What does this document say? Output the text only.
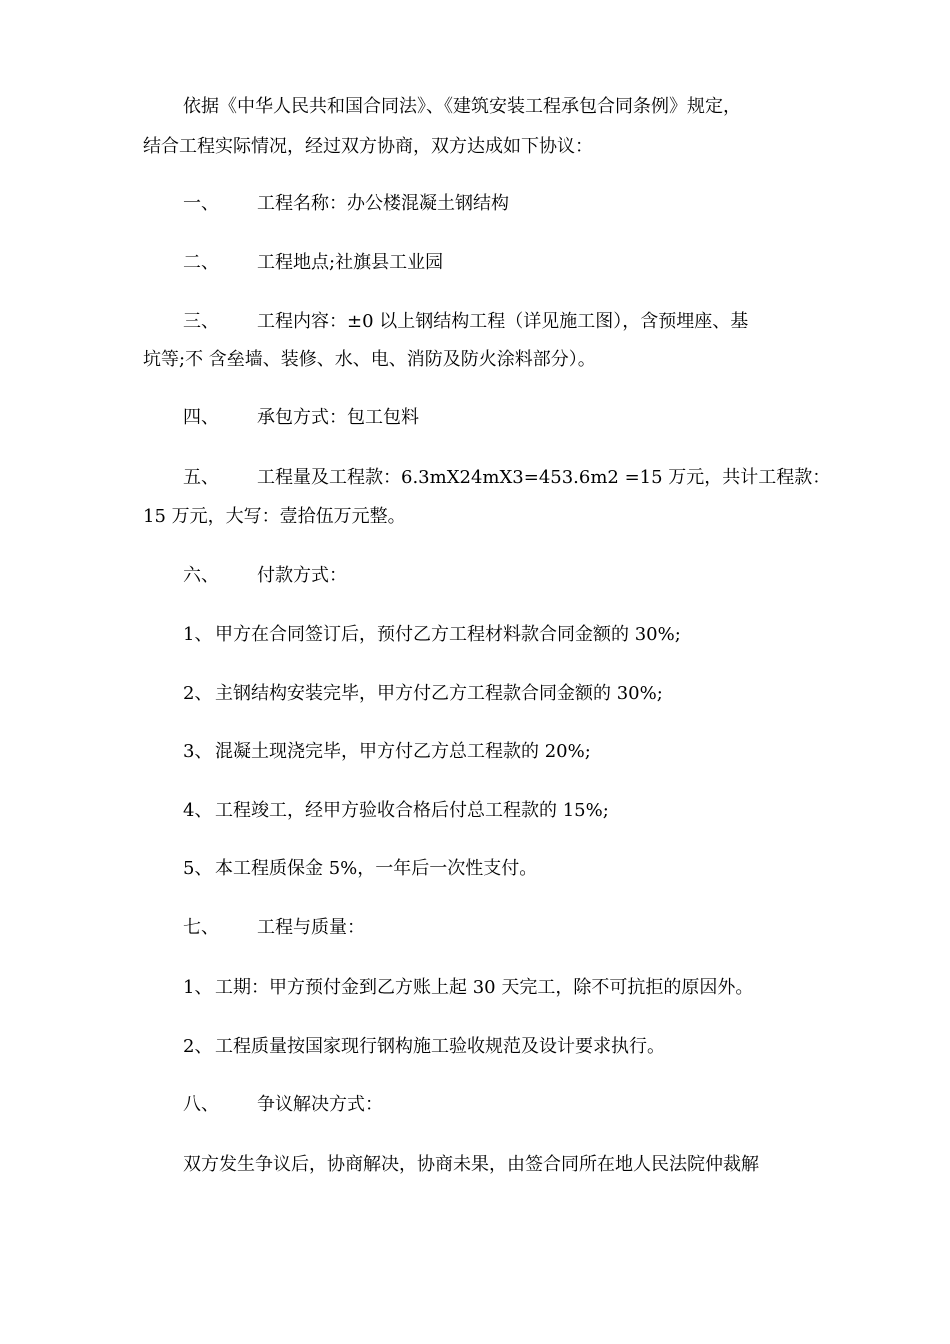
依据《中华人民共和国合同法》、《建筑安装工程承包合同条例》规定，
结合工程实际情况，经过双方协商，双方达成如下协议：
一、 工程名称：办公楼混凝土钢结构
二、 工程地点;社旗县工业园
三、 工程内容：±0 以上钢结构工程（详见施工图），含预埋座、基
坑等;不 含垒墙、装修、水、电、消防及防火涂料部分）。
四、 承包方式：包工包料
五、 工程量及工程款：6.3mX24mX3=453.6m2 =15 万元，共计工程款：
15 万元，大写：壹拾伍万元整。
六、 付款方式：
1、 甲方在合同签订后，预付乙方工程材料款合同金额的 30%;
2、 主钢结构安装完毕，甲方付乙方工程款合同金额的 30%;
3、 混凝土现浇完毕，甲方付乙方总工程款的 20%;
4、 工程竣工，经甲方验收合格后付总工程款的 15%;
5、 本工程质保金 5%，一年后一次性支付。
七、 工程与质量：
1、 工期：甲方预付金到乙方账上起 30 天完工，除不可抗拒的原因外。
2、 工程质量按国家现行钢构施工验收规范及设计要求执行。
八、 争议解决方式：
双方发生争议后，协商解决，协商未果，由签合同所在地人民法院仲裁解
